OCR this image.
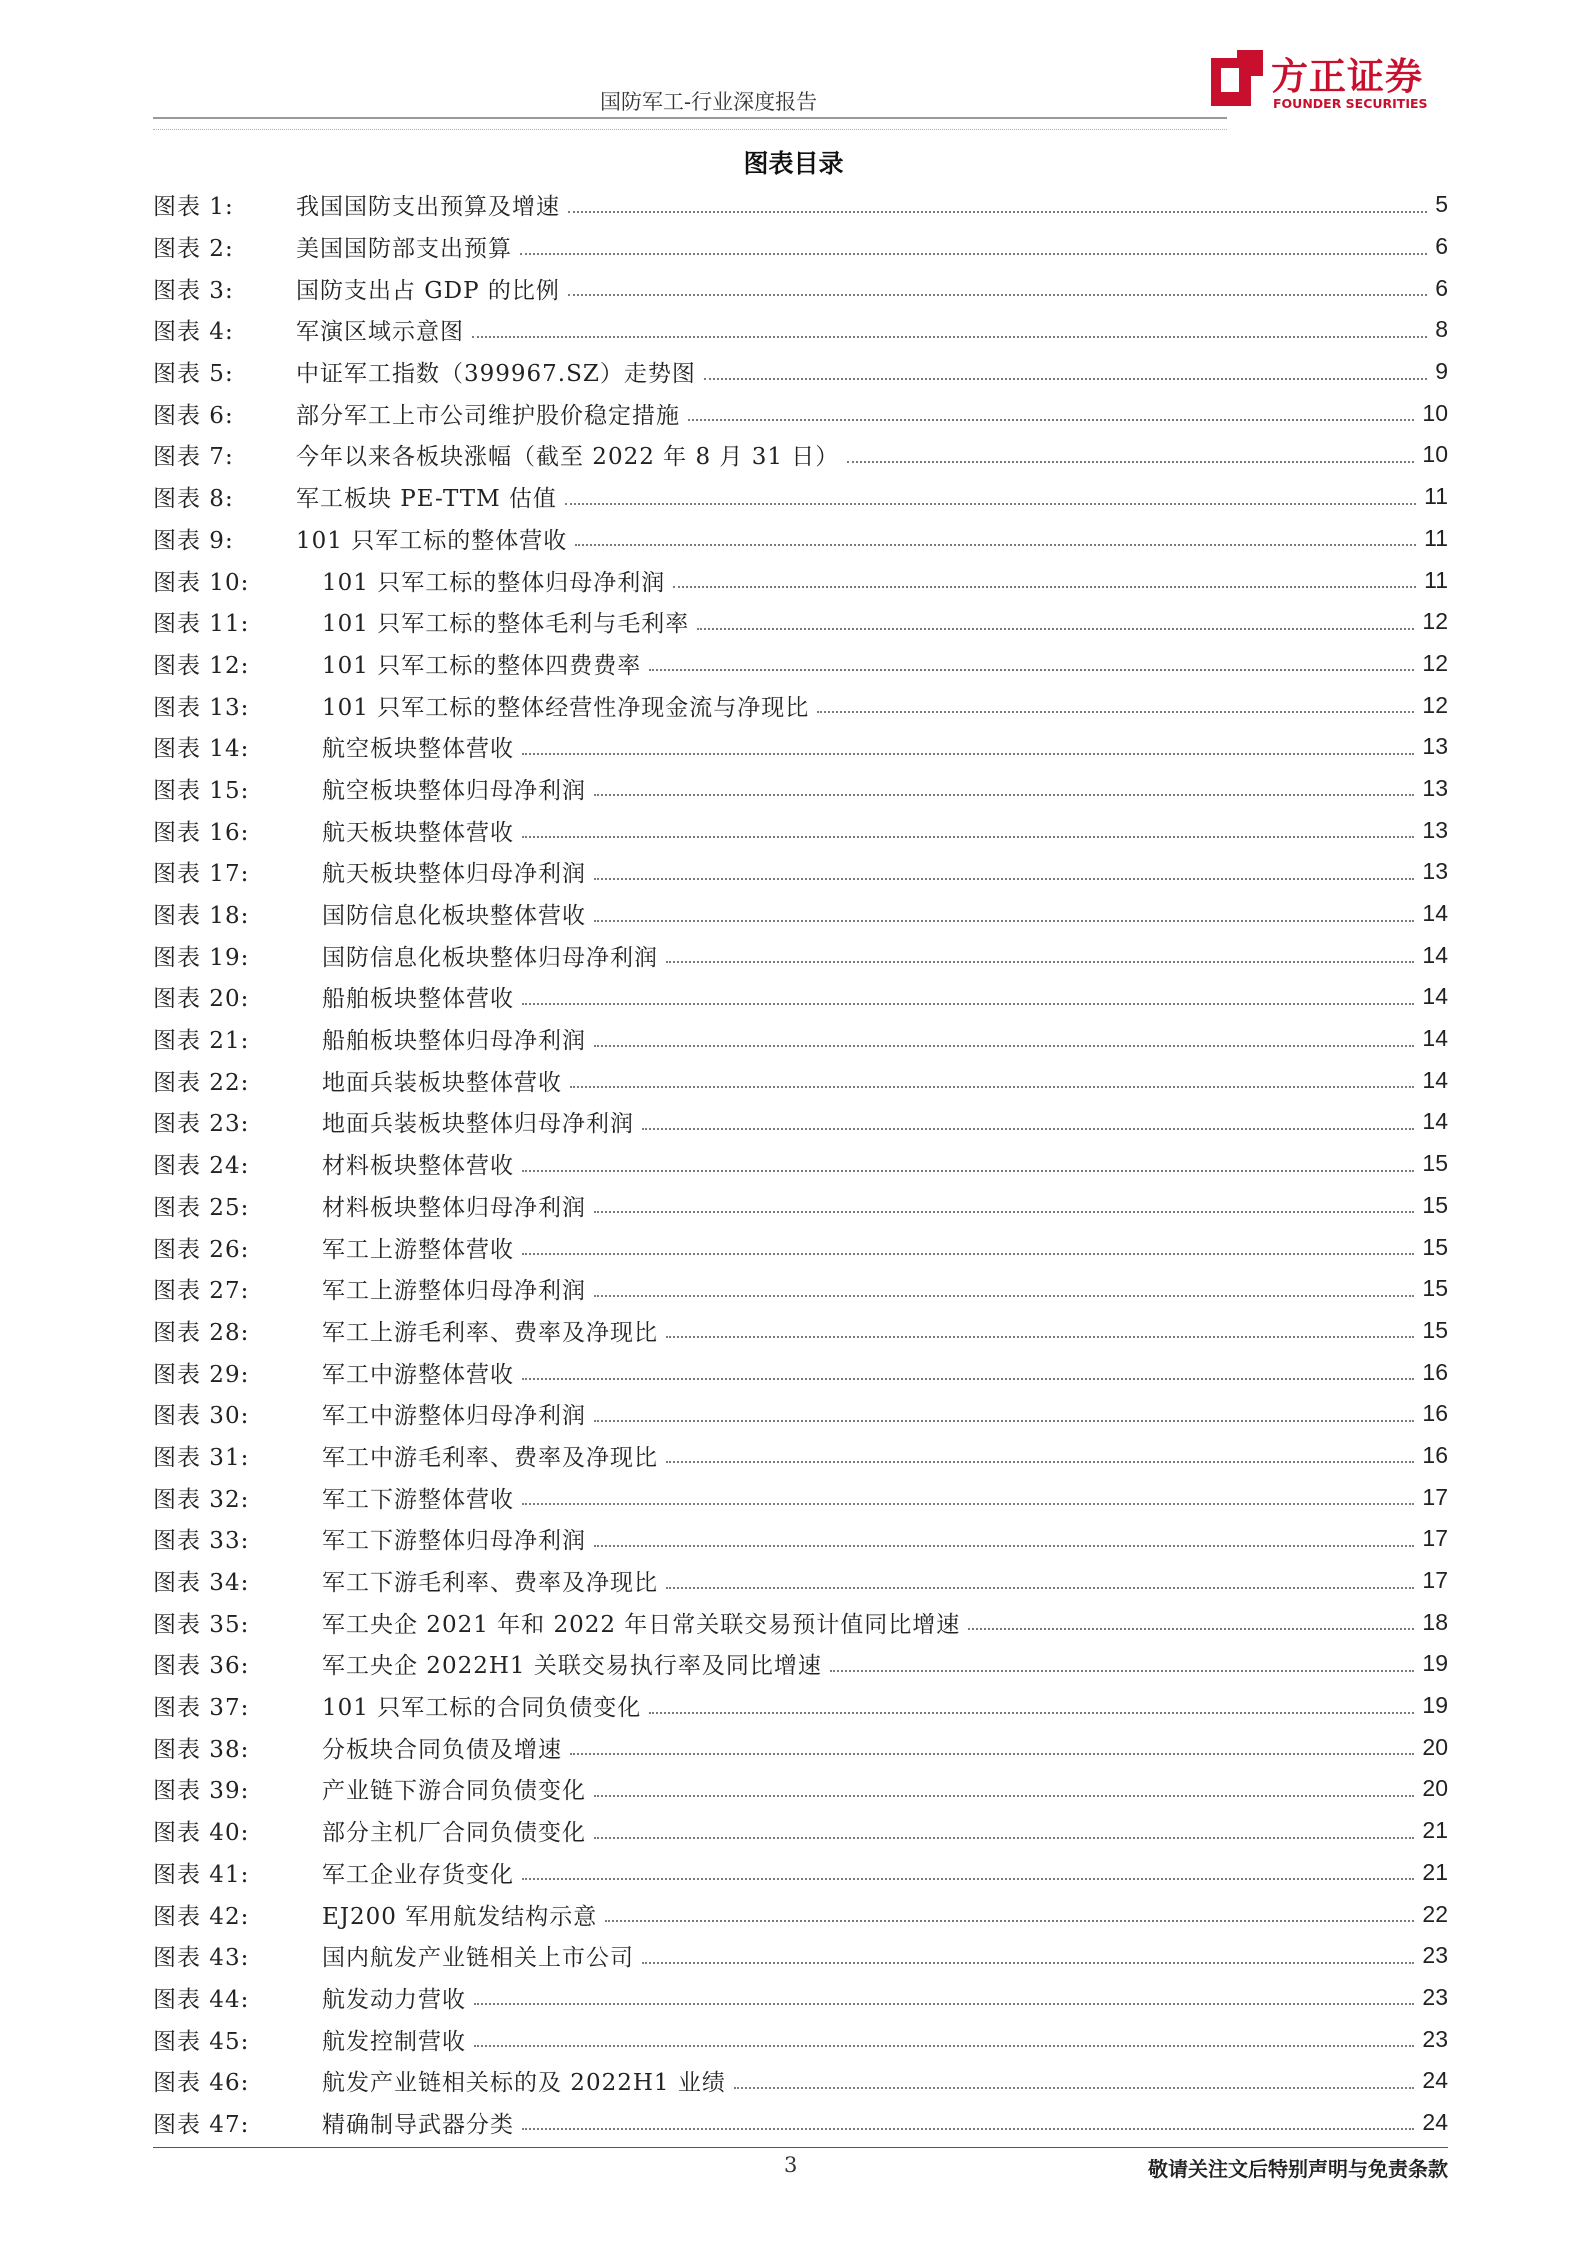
国防军工-行业深度报告
方正证券
FOUNDER SECURITIES
图表目录
图表 1:	我国国防支出预算及增速	5
图表 2:	美国国防部支出预算	6
图表 3:	国防支出占 GDP 的比例	6
图表 4:	军演区域示意图	8
图表 5:	中证军工指数（399967.SZ）走势图	9
图表 6:	部分军工上市公司维护股价稳定措施	10
图表 7:	今年以来各板块涨幅（截至 2022 年 8 月 31 日）	10
图表 8:	军工板块 PE-TTM 估值	11
图表 9:	101 只军工标的整体营收	11
图表 10:	101 只军工标的整体归母净利润	11
图表 11:	101 只军工标的整体毛利与毛利率	12
图表 12:	101 只军工标的整体四费费率	12
图表 13:	101 只军工标的整体经营性净现金流与净现比	12
图表 14:	航空板块整体营收	13
图表 15:	航空板块整体归母净利润	13
图表 16:	航天板块整体营收	13
图表 17:	航天板块整体归母净利润	13
图表 18:	国防信息化板块整体营收	14
图表 19:	国防信息化板块整体归母净利润	14
图表 20:	船舶板块整体营收	14
图表 21:	船舶板块整体归母净利润	14
图表 22:	地面兵装板块整体营收	14
图表 23:	地面兵装板块整体归母净利润	14
图表 24:	材料板块整体营收	15
图表 25:	材料板块整体归母净利润	15
图表 26:	军工上游整体营收	15
图表 27:	军工上游整体归母净利润	15
图表 28:	军工上游毛利率、费率及净现比	15
图表 29:	军工中游整体营收	16
图表 30:	军工中游整体归母净利润	16
图表 31:	军工中游毛利率、费率及净现比	16
图表 32:	军工下游整体营收	17
图表 33:	军工下游整体归母净利润	17
图表 34:	军工下游毛利率、费率及净现比	17
图表 35:	军工央企 2021 年和 2022 年日常关联交易预计值同比增速	18
图表 36:	军工央企 2022H1 关联交易执行率及同比增速	19
图表 37:	101 只军工标的合同负债变化	19
图表 38:	分板块合同负债及增速	20
图表 39:	产业链下游合同负债变化	20
图表 40:	部分主机厂合同负债变化	21
图表 41:	军工企业存货变化	21
图表 42:	EJ200 军用航发结构示意	22
图表 43:	国内航发产业链相关上市公司	23
图表 44:	航发动力营收	23
图表 45:	航发控制营收	23
图表 46:	航发产业链相关标的及 2022H1 业绩	24
图表 47:	精确制导武器分类	24
3	敬请关注文后特别声明与免责条款
